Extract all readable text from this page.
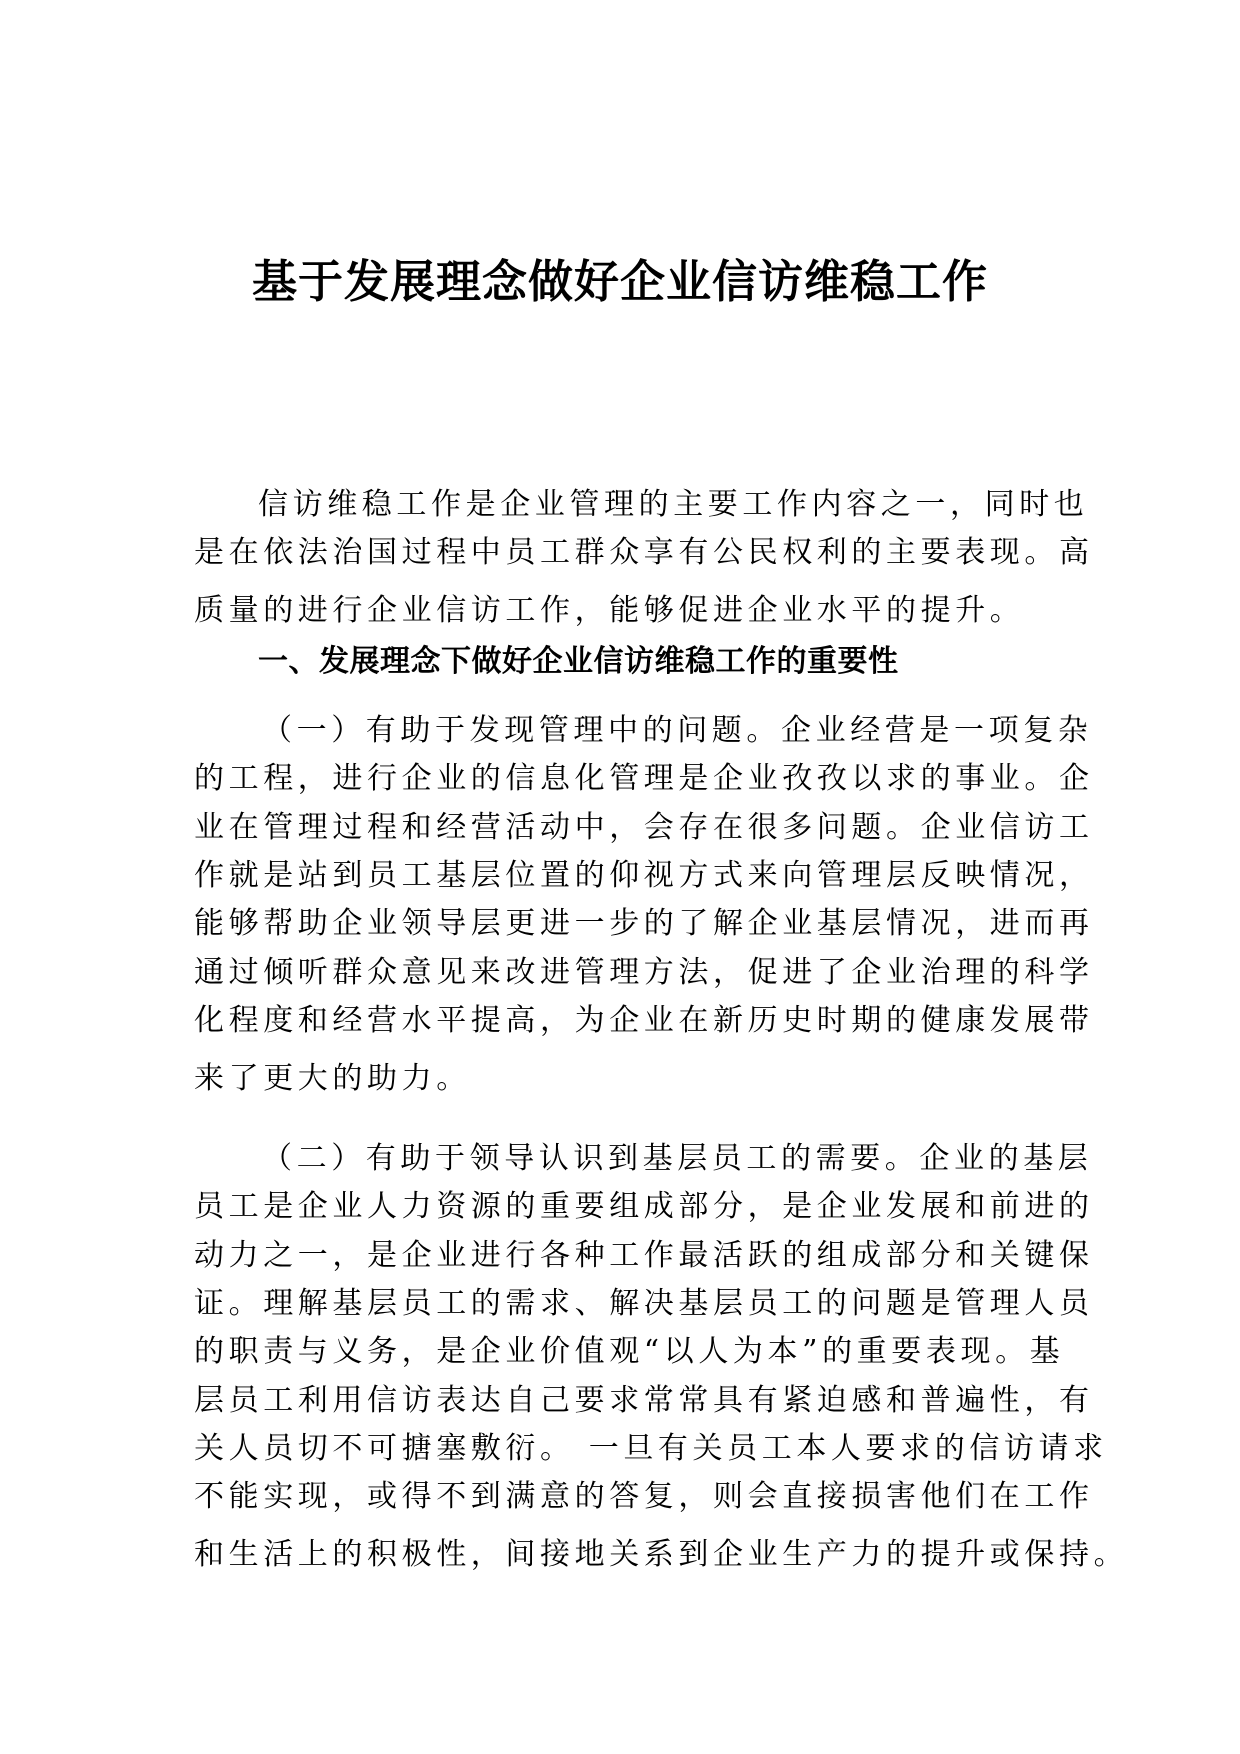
基于发展理念做好企业信访维稳工作

信访维稳工作是企业管理的主要工作内容之一，同时也

是在依法治国过程中员工群众享有公民权利的主要表现。高

质量的进行企业信访工作，能够促进企业水平的提升。

一、发展理念下做好企业信访维稳工作的重要性

（一）有助于发现管理中的问题。企业经营是一项复杂

的工程，进行企业的信息化管理是企业孜孜以求的事业。企

业在管理过程和经营活动中，会存在很多问题。企业信访工

作就是站到员工基层位置的仰视方式来向管理层反映情况，

能够帮助企业领导层更进一步的了解企业基层情况，进而再

通过倾听群众意见来改进管理方法，促进了企业治理的科学

化程度和经营水平提高，为企业在新历史时期的健康发展带

来了更大的助力。

（二）有助于领导认识到基层员工的需要。企业的基层

员工是企业人力资源的重要组成部分，是企业发展和前进的

动力之一，是企业进行各种工作最活跃的组成部分和关键保

证。理解基层员工的需求、解决基层员工的问题是管理人员

的职责与义务，是企业价值观“以人为本”的重要表现。基

层员工利用信访表达自己要求常常具有紧迫感和普遍性，有

关人员切不可搪塞敷衍。 一旦有关员工本人要求的信访请求

不能实现，或得不到满意的答复，则会直接损害他们在工作

和生活上的积极性，间接地关系到企业生产力的提升或保持。
